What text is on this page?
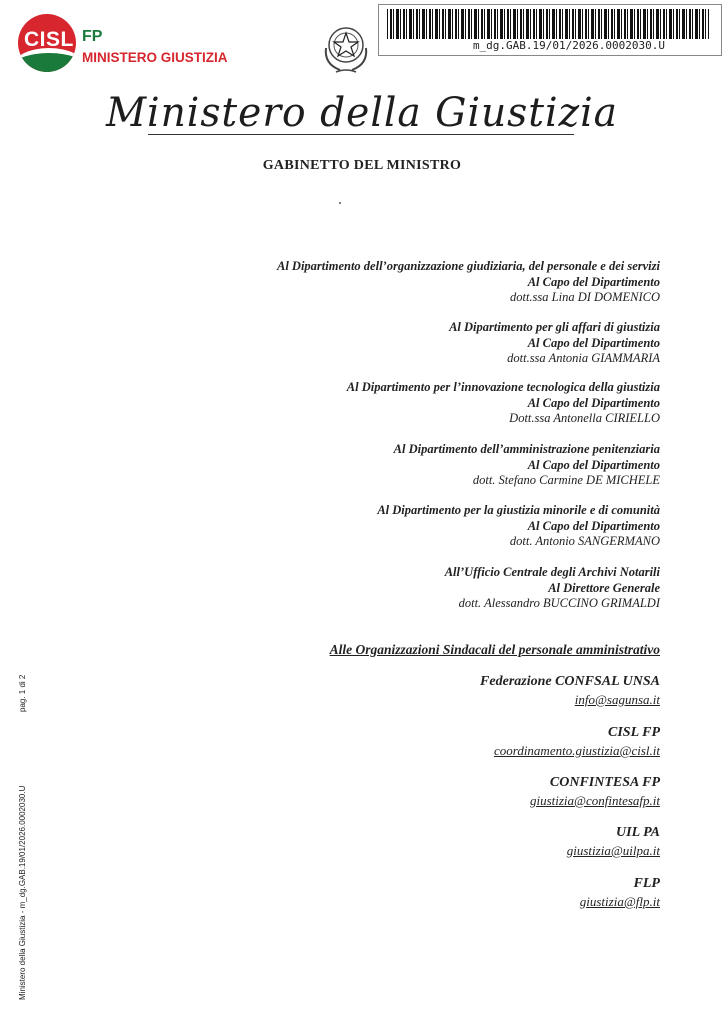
CISL FP
MINISTERO GIUSTIZIA
m_dg.GAB.19/01/2026.0002030.U
Ministero della Giustizia
GABINETTO DEL MINISTRO
Al Dipartimento dell’organizzazione giudiziaria, del personale e dei servizi
Al Capo del Dipartimento
dott.ssa Lina DI DOMENICO
Al Dipartimento per gli affari di giustizia
Al Capo del Dipartimento
dott.ssa Antonia GIAMMARIA
Al Dipartimento per l’innovazione tecnologica della giustizia
Al Capo del Dipartimento
Dott.ssa Antonella CIRIELLO
Al Dipartimento dell’amministrazione penitenziaria
Al Capo del Dipartimento
dott. Stefano Carmine DE MICHELE
Al Dipartimento per la giustizia minorile e di comunità
Al Capo del Dipartimento
dott. Antonio SANGERMANO
All’Ufficio Centrale degli Archivi Notarili
Al Direttore Generale
dott. Alessandro BUCCINO GRIMALDI
Alle Organizzazioni Sindacali del personale amministrativo
Federazione CONFSAL UNSA
info@sagunsa.it
CISL FP
coordinamento.giustizia@cisl.it
CONFINTESA FP
giustizia@confintesafp.it
UIL PA
giustizia@uilpa.it
FLP
giustizia@flp.it
Ministero della Giustizia - m_dg.GAB.19/01/2026.0002030.U
pag. 1 di 2
